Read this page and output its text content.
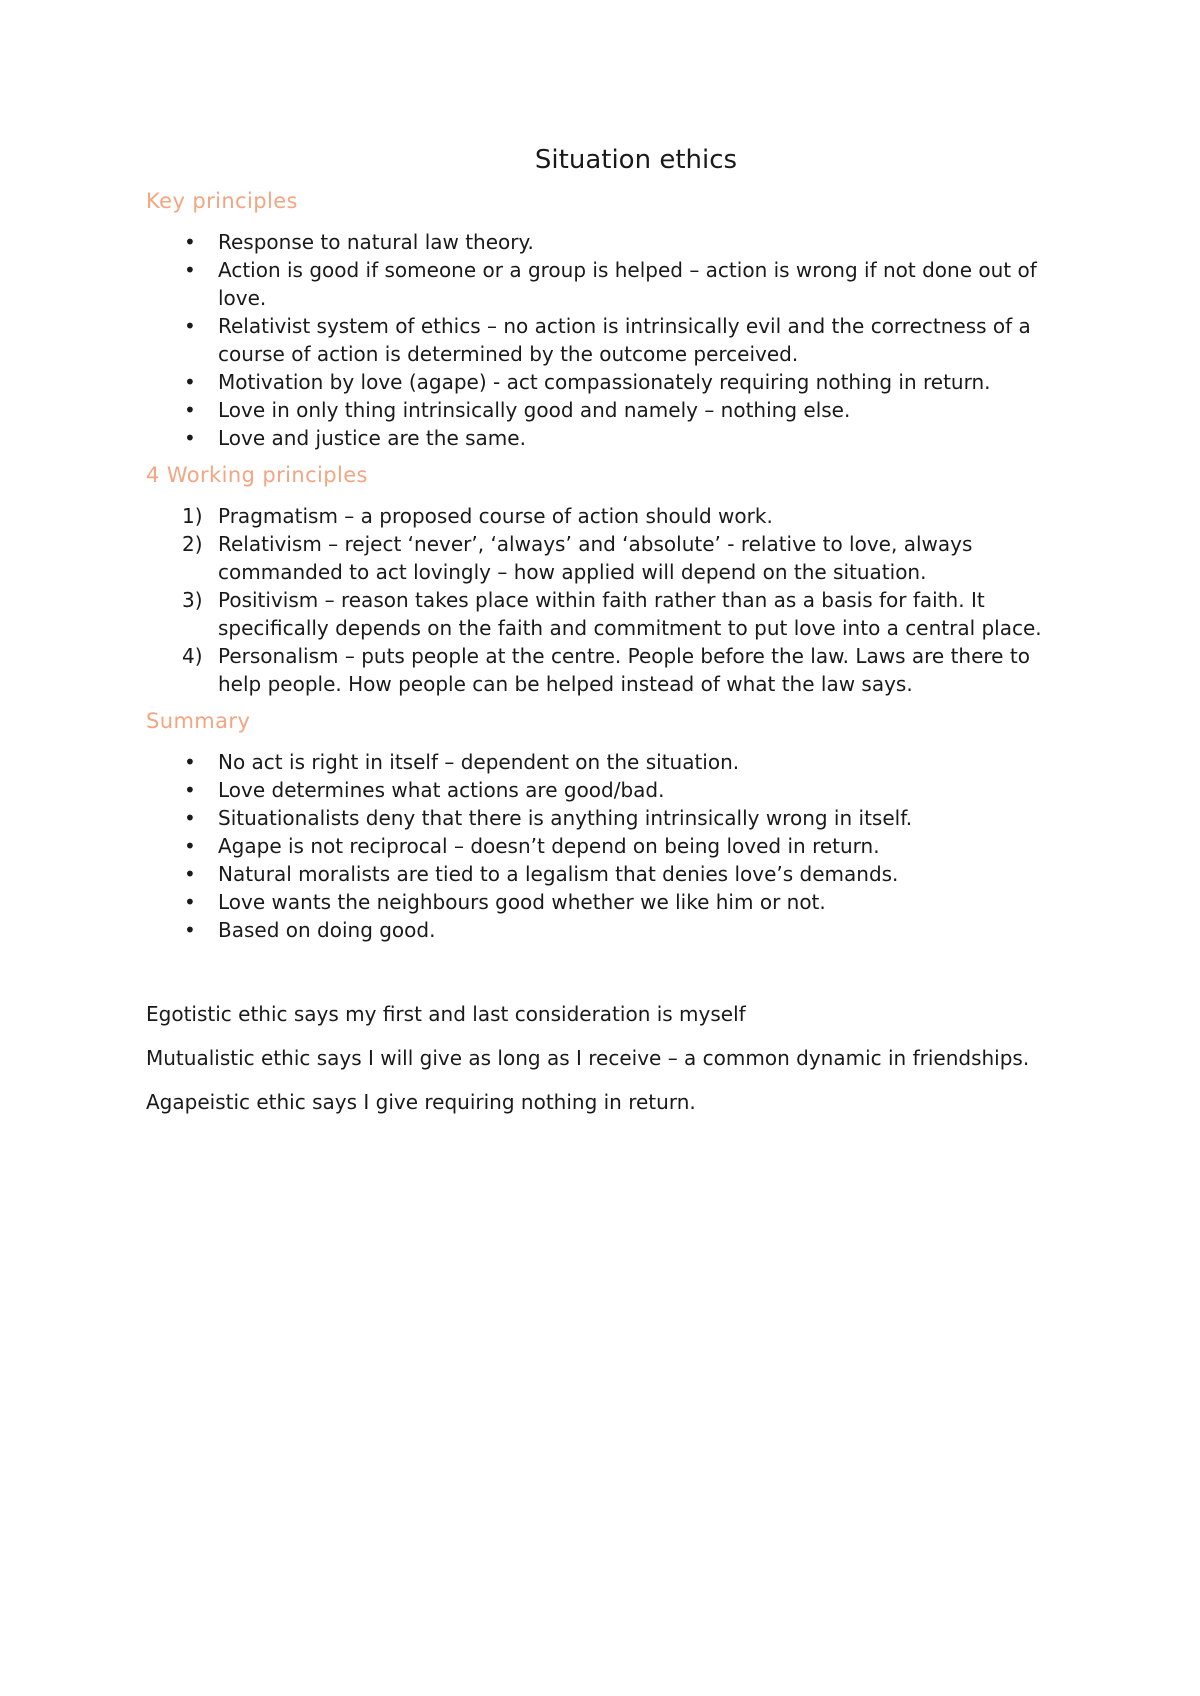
Situation ethics
Key principles
• Response to natural law theory.
• Action is good if someone or a group is helped – action is wrong if not done out of love.
• Relativist system of ethics – no action is intrinsically evil and the correctness of a course of action is determined by the outcome perceived.
• Motivation by love (agape) - act compassionately requiring nothing in return.
• Love in only thing intrinsically good and namely – nothing else.
• Love and justice are the same.
4 Working principles
1) Pragmatism – a proposed course of action should work.
2) Relativism – reject ‘never’, ‘always’ and ‘absolute’ - relative to love, always commanded to act lovingly – how applied will depend on the situation.
3) Positivism – reason takes place within faith rather than as a basis for faith. It specifically depends on the faith and commitment to put love into a central place.
4) Personalism – puts people at the centre. People before the law. Laws are there to help people. How people can be helped instead of what the law says.
Summary
• No act is right in itself – dependent on the situation.
• Love determines what actions are good/bad.
• Situationalists deny that there is anything intrinsically wrong in itself.
• Agape is not reciprocal – doesn’t depend on being loved in return.
• Natural moralists are tied to a legalism that denies love’s demands.
• Love wants the neighbours good whether we like him or not.
• Based on doing good.

Egotistic ethic says my first and last consideration is myself

Mutualistic ethic says I will give as long as I receive – a common dynamic in friendships.

Agapeistic ethic says I give requiring nothing in return.
